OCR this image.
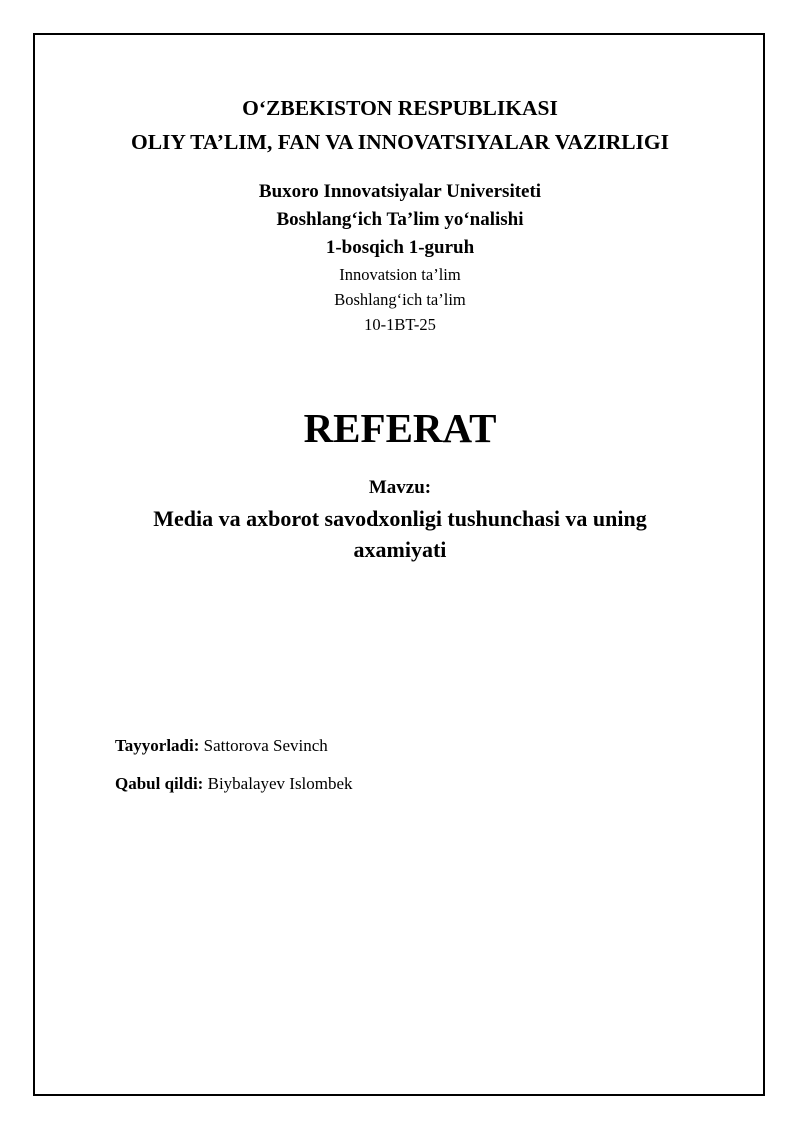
O‘ZBEKISTON RESPUBLIKASI
OLIY TA’LIM, FAN VA INNOVATSIYALAR VAZIRLIGI
Buxoro Innovatsiyalar Universiteti
Boshlang‘ich Ta’lim yo‘nalishi
1-bosqich 1-guruh
Innovatsion ta’lim
Boshlang‘ich ta’lim
10-1BT-25
REFERAT
Mavzu:
Media va axborot savodxonligi tushunchasi va uning
axamiyati
Tayyorladi: Sattorova Sevinch
Qabul qildi: Biybalayev Islombek
